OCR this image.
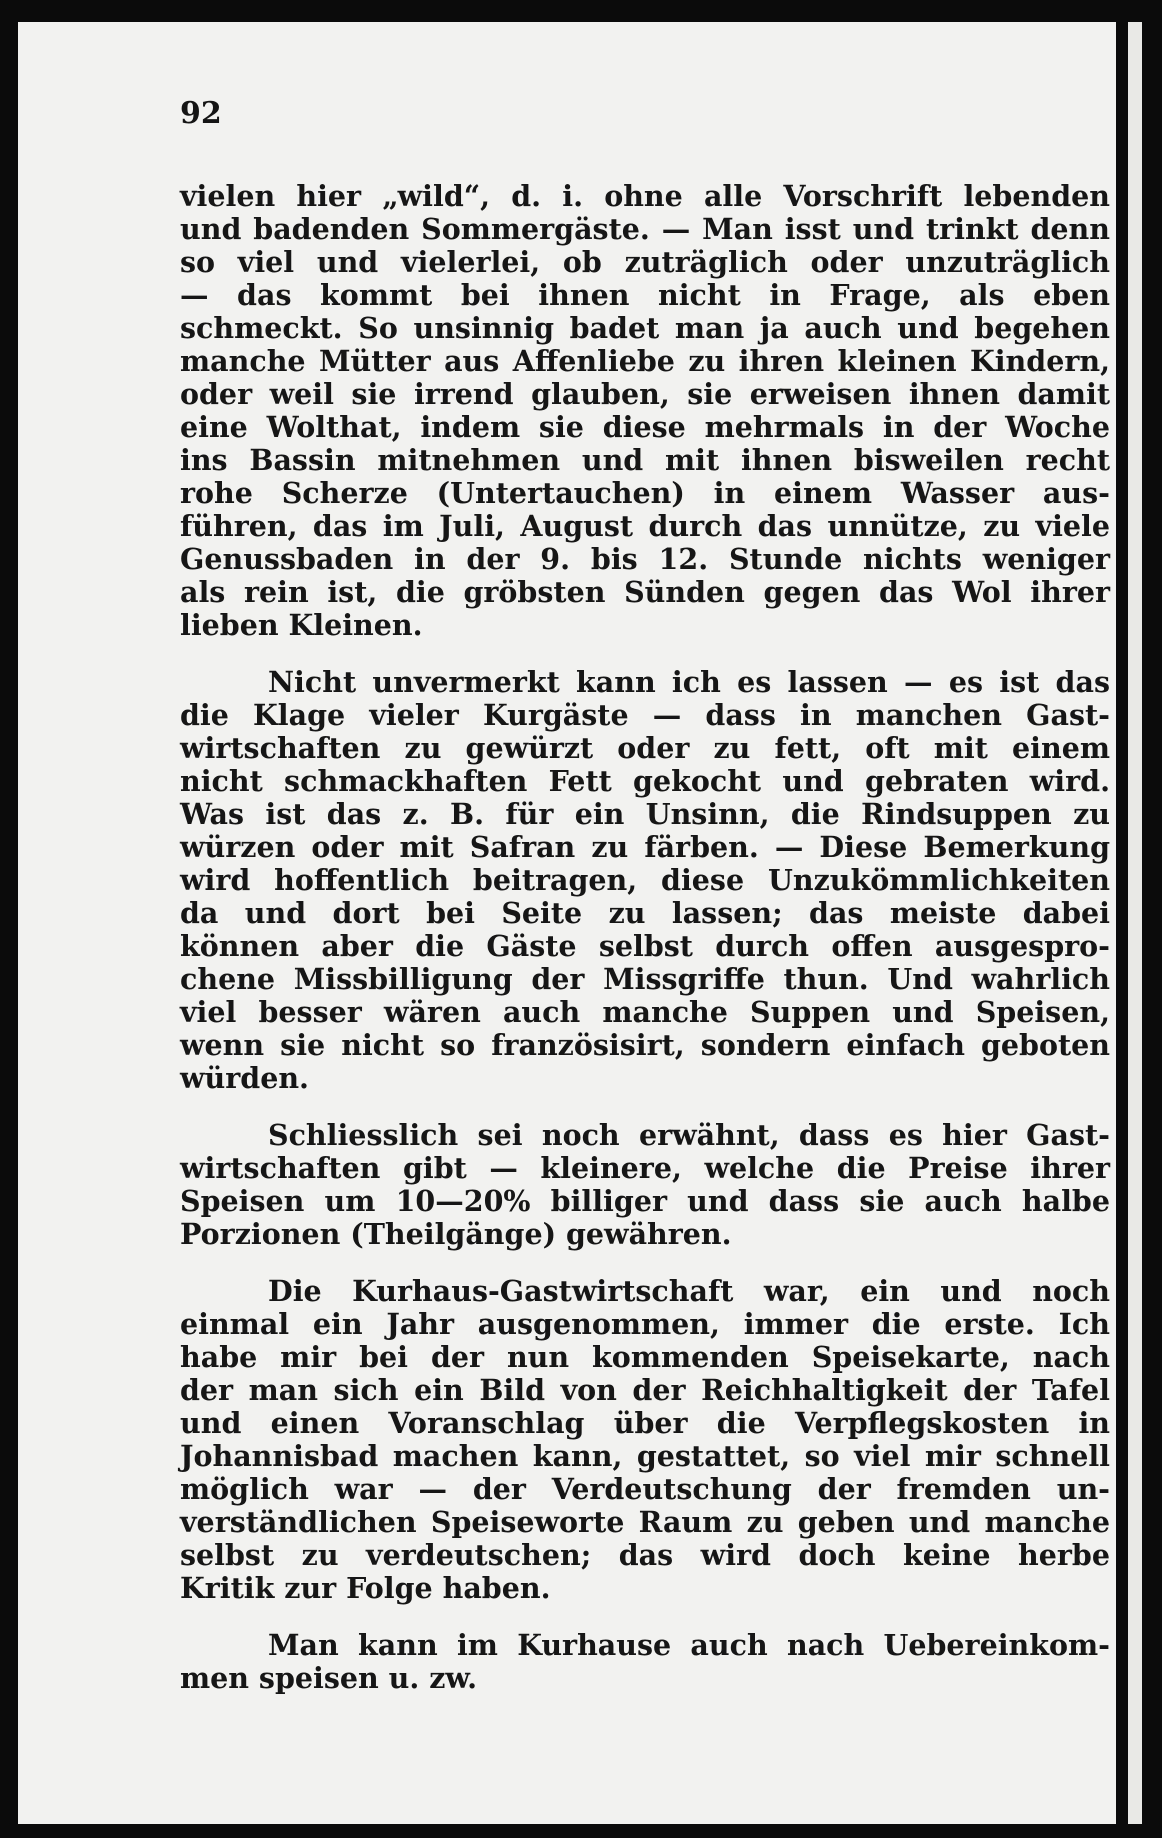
92

vielen hier „wild“, d. i. ohne alle Vorschrift lebenden
und badenden Sommergäste. — Man isst und trinkt denn
so viel und vielerlei, ob zuträglich oder unzuträglich
— das kommt bei ihnen nicht in Frage, als eben
schmeckt. So unsinnig badet man ja auch und begehen
manche Mütter aus Affenliebe zu ihren kleinen Kindern,
oder weil sie irrend glauben, sie erweisen ihnen damit
eine Wolthat, indem sie diese mehrmals in der Woche
ins Bassin mitnehmen und mit ihnen bisweilen recht
rohe Scherze (Untertauchen) in einem Wasser aus-
führen, das im Juli, August durch das unnütze, zu viele
Genussbaden in der 9. bis 12. Stunde nichts weniger
als rein ist, die gröbsten Sünden gegen das Wol ihrer
lieben Kleinen.

Nicht unvermerkt kann ich es lassen — es ist das
die Klage vieler Kurgäste — dass in manchen Gast-
wirtschaften zu gewürzt oder zu fett, oft mit einem
nicht schmackhaften Fett gekocht und gebraten wird.
Was ist das z. B. für ein Unsinn, die Rindsuppen zu
würzen oder mit Safran zu färben. — Diese Bemerkung
wird hoffentlich beitragen, diese Unzukömmlichkeiten
da und dort bei Seite zu lassen; das meiste dabei
können aber die Gäste selbst durch offen ausgespro-
chene Missbilligung der Missgriffe thun. Und wahrlich
viel besser wären auch manche Suppen und Speisen,
wenn sie nicht so französisirt, sondern einfach geboten
würden.

Schliesslich sei noch erwähnt, dass es hier Gast-
wirtschaften gibt — kleinere, welche die Preise ihrer
Speisen um 10—20% billiger und dass sie auch halbe
Porzionen (Theilgänge) gewähren.

Die Kurhaus-Gastwirtschaft war, ein und noch
einmal ein Jahr ausgenommen, immer die erste. Ich
habe mir bei der nun kommenden Speisekarte, nach
der man sich ein Bild von der Reichhaltigkeit der Tafel
und einen Voranschlag über die Verpflegskosten in
Johannisbad machen kann, gestattet, so viel mir schnell
möglich war — der Verdeutschung der fremden un-
verständlichen Speiseworte Raum zu geben und manche
selbst zu verdeutschen; das wird doch keine herbe
Kritik zur Folge haben.

Man kann im Kurhause auch nach Uebereinkom-
men speisen u. zw.
